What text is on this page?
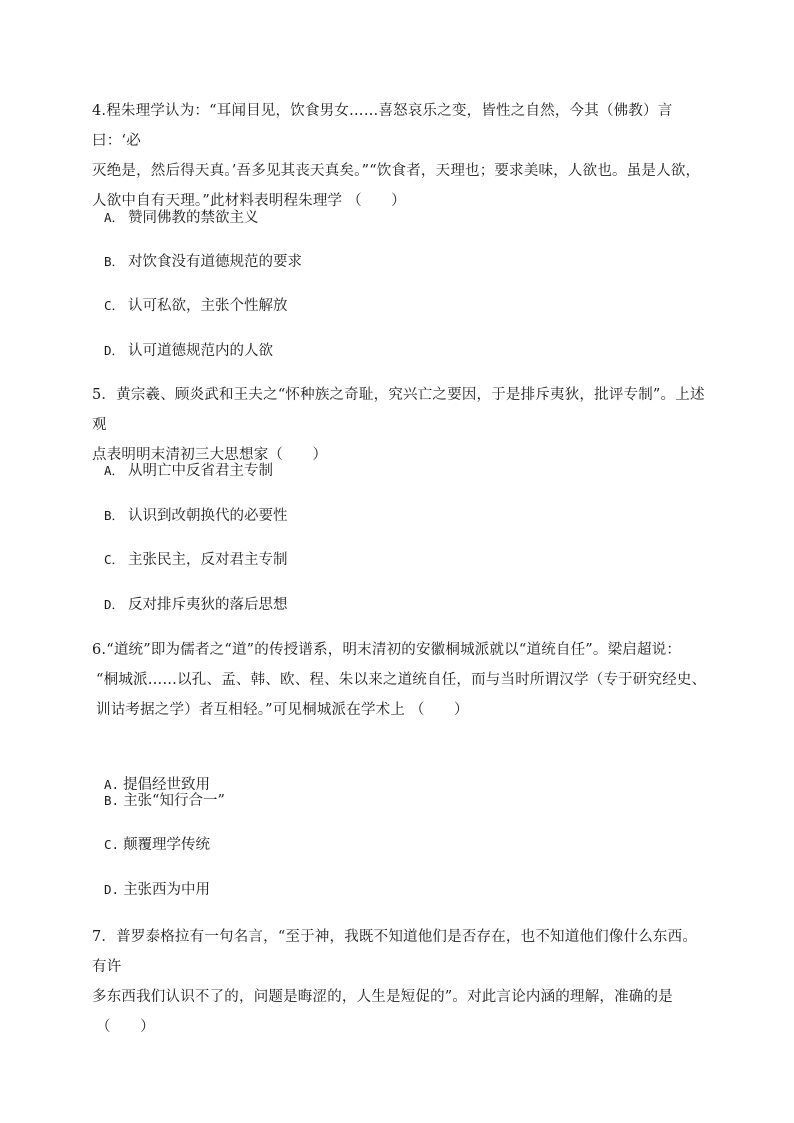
4.程朱理学认为：“耳闻目见，饮食男女……喜怒哀乐之变，皆性之自然，今其（佛教）言曰：‘必
灭绝是，然后得天真。’吾多见其丧天真矣。”“饮食者，天理也；要求美味，人欲也。虽是人欲，
人欲中自有天理。”此材料表明程朱理学 （　　）
A． 赞同佛教的禁欲主义
B． 对饮食没有道德规范的要求
C． 认可私欲，主张个性解放
D． 认可道德规范内的人欲
5．黄宗羲、顾炎武和王夫之“怀种族之奇耻，究兴亡之要因，于是排斥夷狄，批评专制”。上述观
点表明明末清初三大思想家（　　）
A． 从明亡中反省君主专制
B． 认识到改朝换代的必要性
C． 主张民主，反对君主专制
D． 反对排斥夷狄的落后思想
6.“道统”即为儒者之“道”的传授谱系，明末清初的安徽桐城派就以“道统自任”。梁启超说：
“桐城派……以孔、孟、韩、欧、程、朱以来之道统自任，而与当时所谓汉学（专于研究经史、
训诂考据之学）者互相轻。”可见桐城派在学术上 （　　）
A. 提倡经世致用
B. 主张“知行合一”
C. 颠覆理学传统
D. 主张西为中用
7．普罗泰格拉有一句名言，“至于神，我既不知道他们是否存在，也不知道他们像什么东西。有许
多东西我们认识不了的，问题是晦涩的，人生是短促的”。对此言论内涵的理解，准确的是
（　　）
